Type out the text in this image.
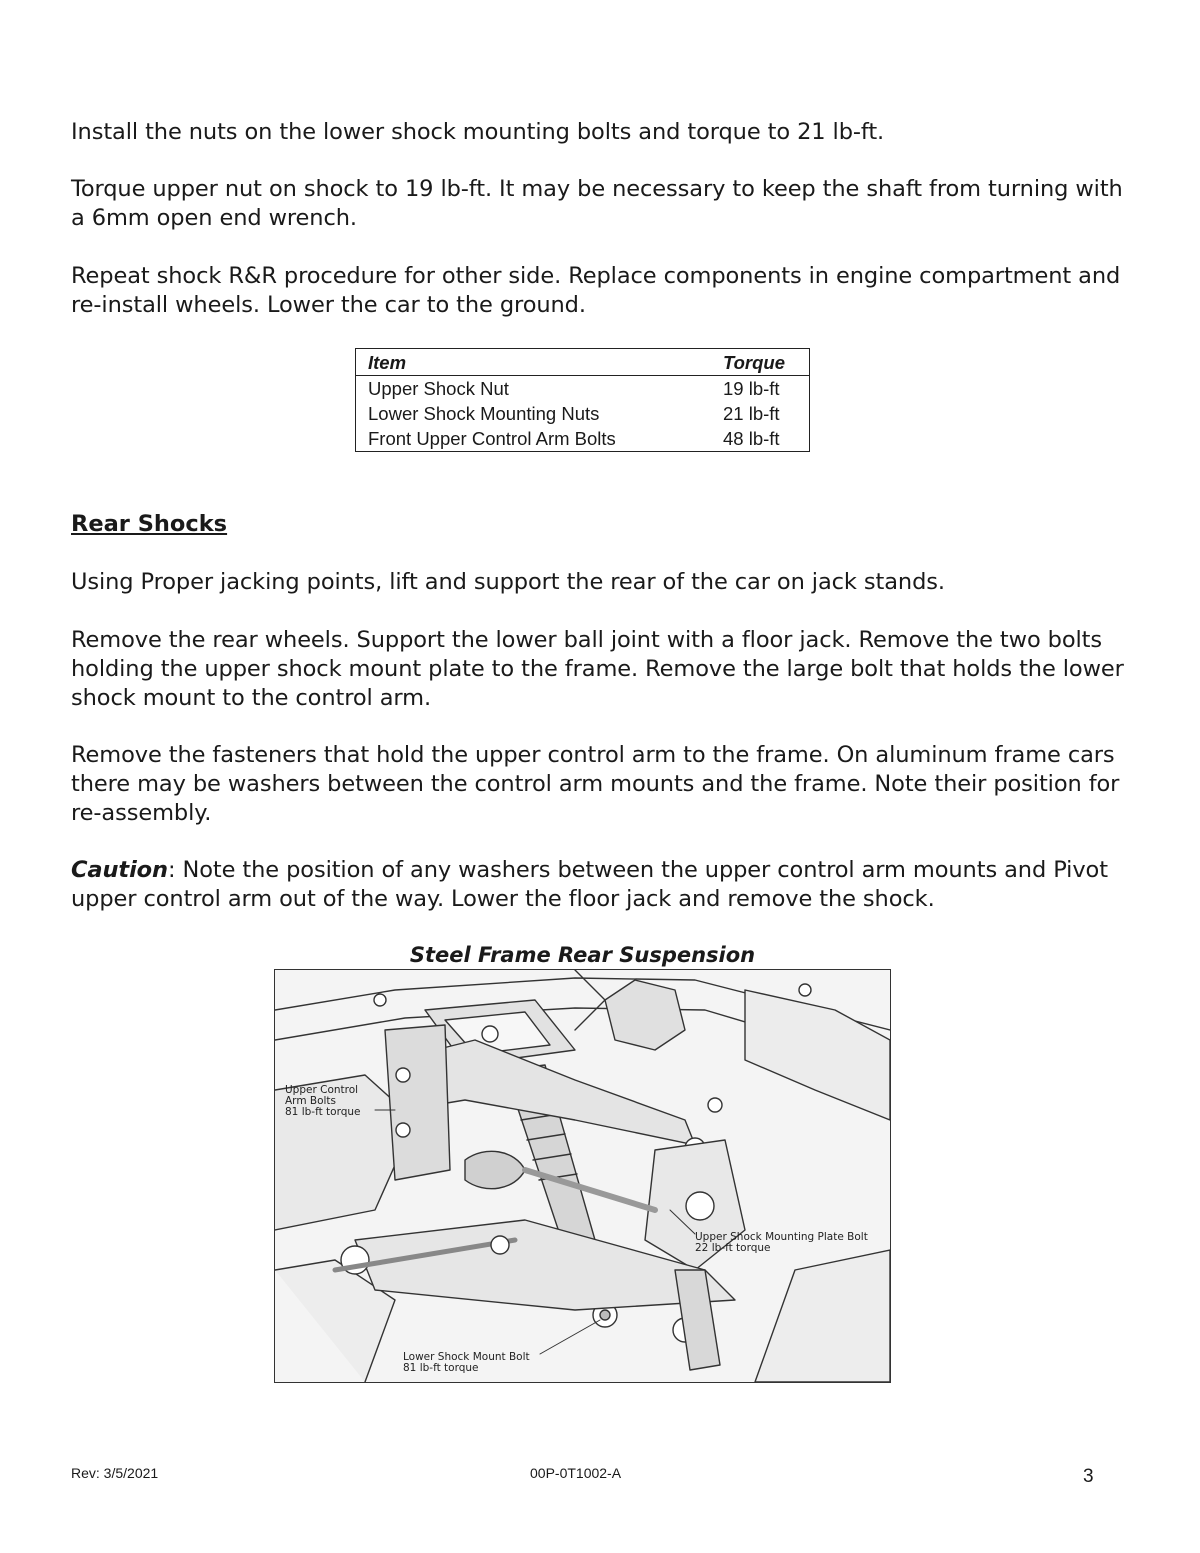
Install the nuts on the lower shock mounting bolts and torque to 21 lb-ft.

Torque upper nut on shock to 19 lb-ft. It may be necessary to keep the shaft from turning with a 6mm open end wrench.

Repeat shock R&R procedure for other side. Replace components in engine compartment and re-install wheels. Lower the car to the ground.

Item	Torque
Upper Shock Nut	19 lb-ft
Lower Shock Mounting Nuts	21 lb-ft
Front Upper Control Arm Bolts	48 lb-ft
Rear Shocks

Using Proper jacking points, lift and support the rear of the car on jack stands.

Remove the rear wheels. Support the lower ball joint with a floor jack. Remove the two bolts holding the upper shock mount plate to the frame. Remove the large bolt that holds the lower shock mount to the control arm.

Remove the fasteners that hold the upper control arm to the frame. On aluminum frame cars there may be washers between the control arm mounts and the frame. Note their position for re-assembly.

Caution: Note the position of any washers between the upper control arm mounts and Pivot upper control arm out of the way. Lower the floor jack and remove the shock.

Steel Frame Rear Suspension
Upper Control
Arm Bolts
81 lb-ft torque
Upper Shock Mounting Plate Bolt
22 lb-ft torque
Lower Shock Mount Bolt
81 lb-ft torque
Rev: 3/5/2021	00P-0T1002-A	3
